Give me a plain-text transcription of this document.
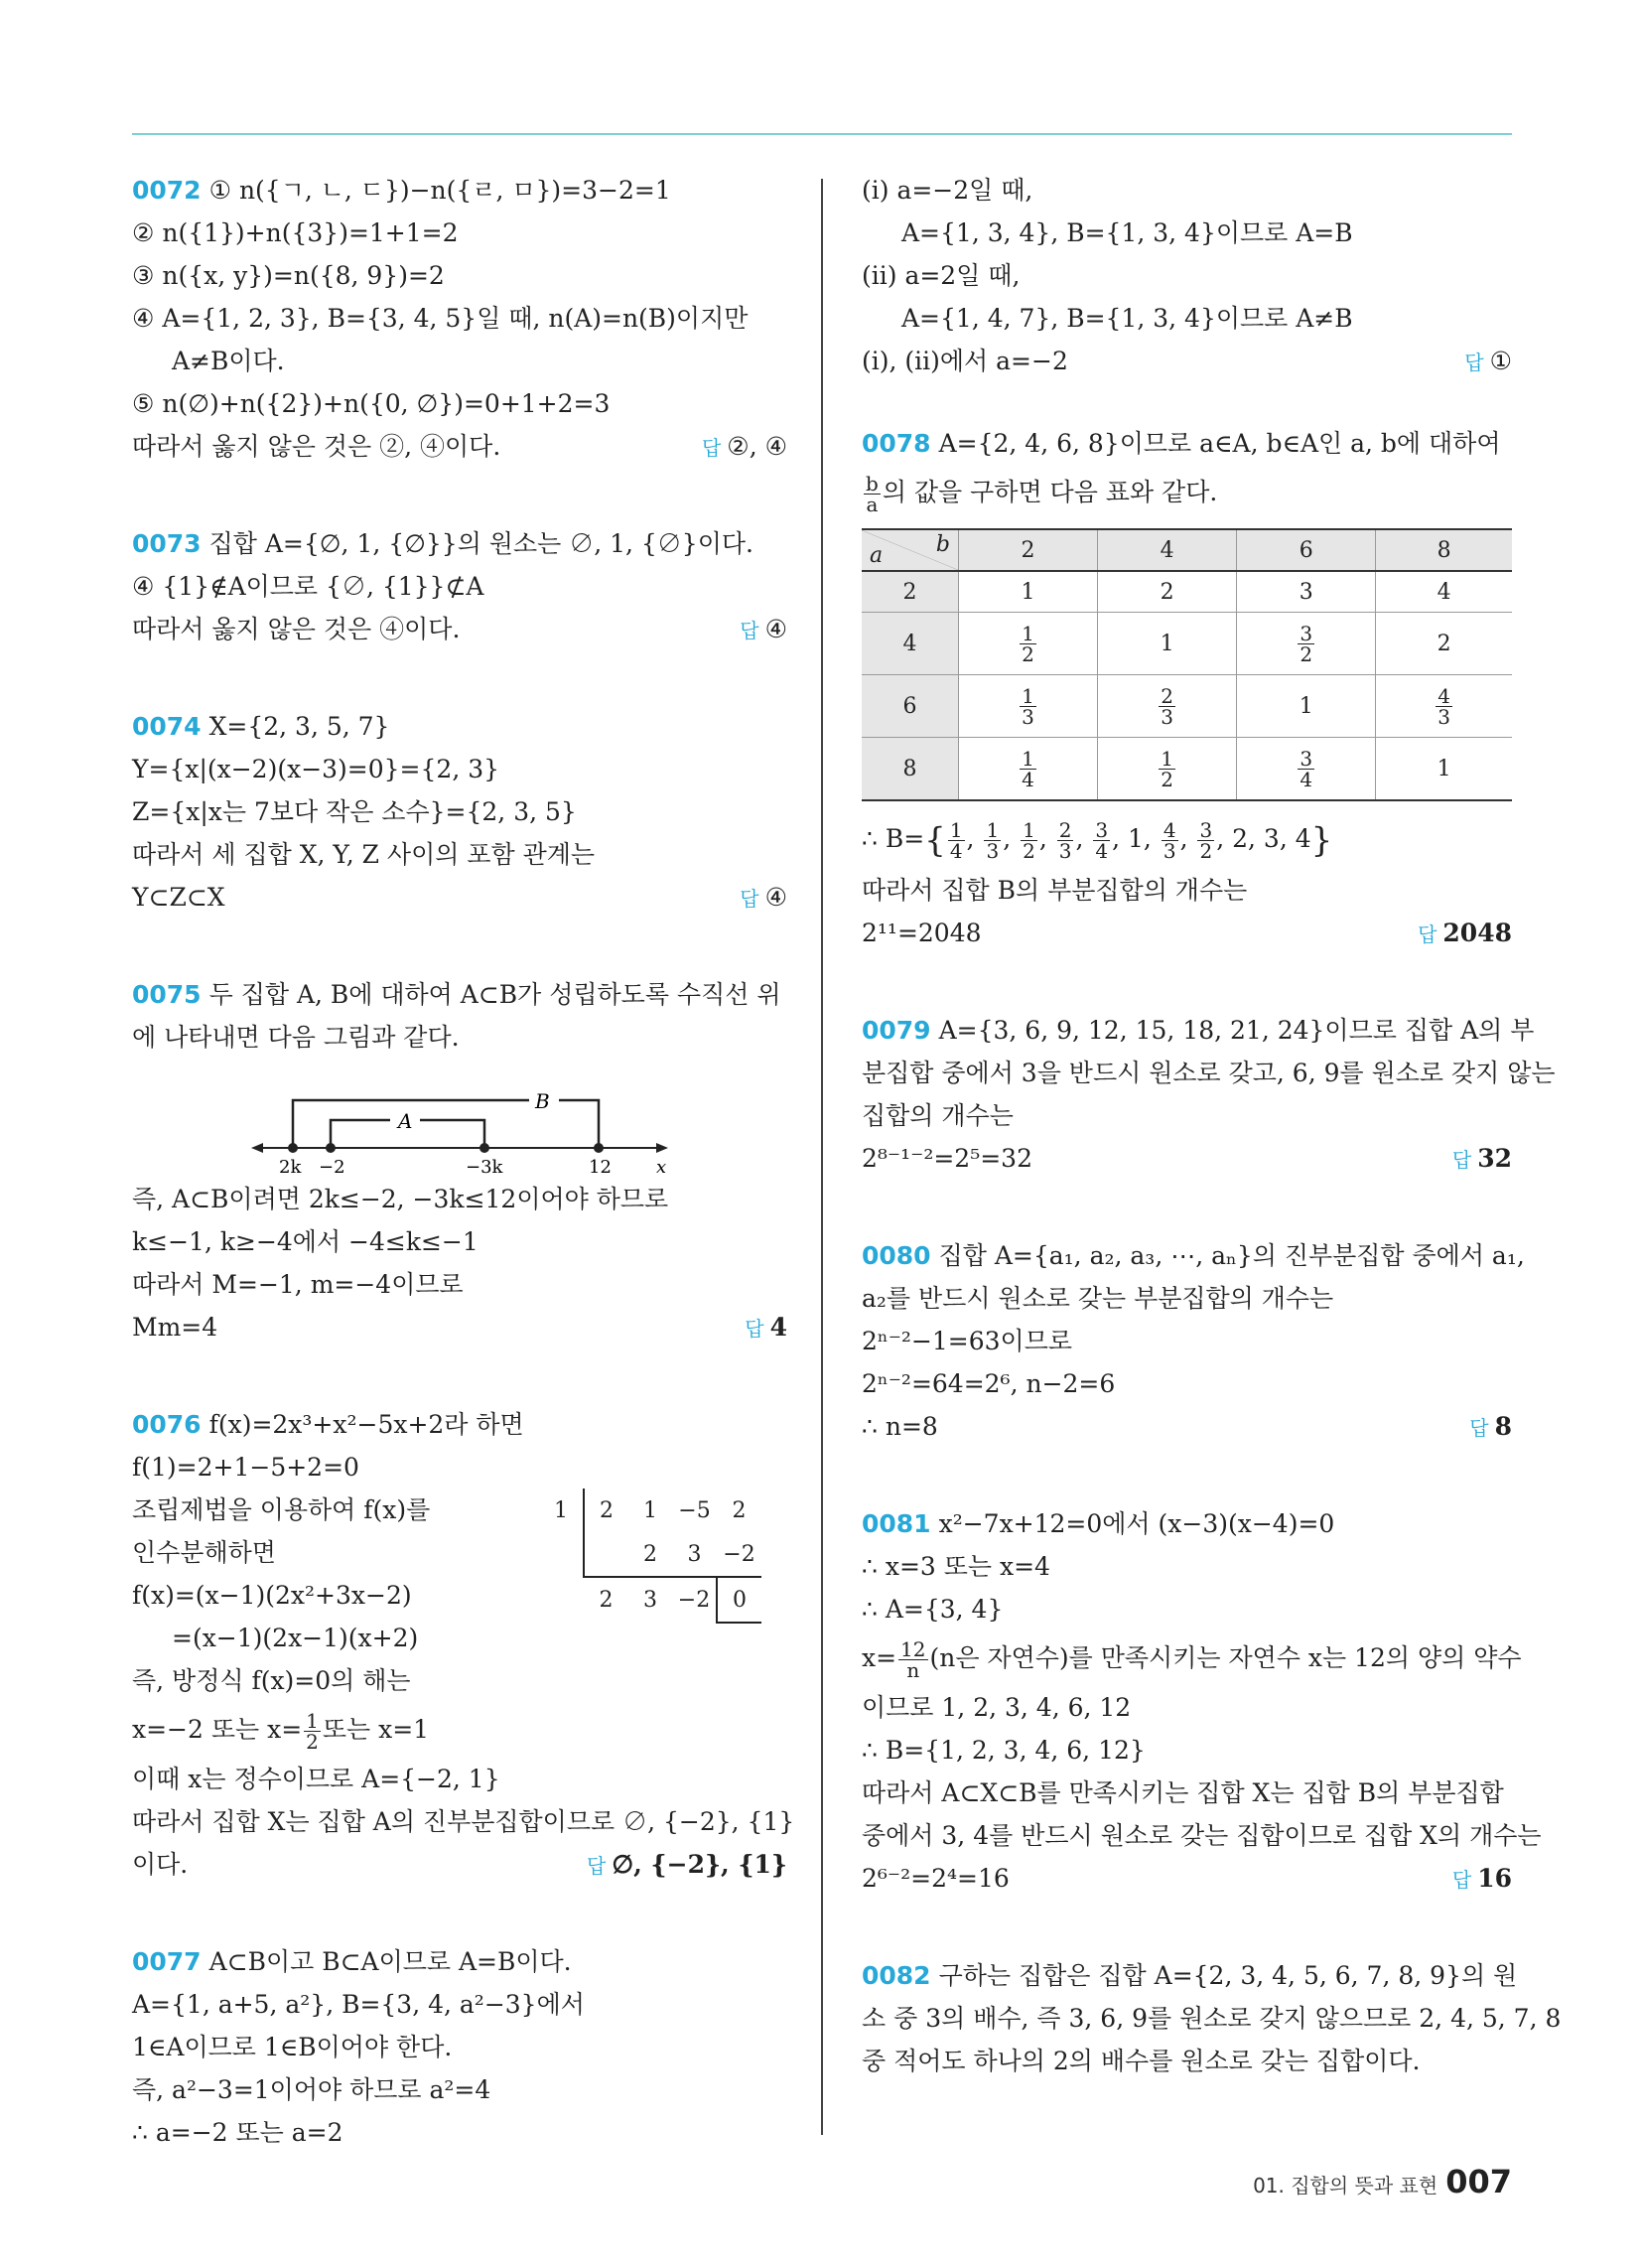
0072 ① n({ㄱ, ㄴ, ㄷ})−n({ㄹ, ㅁ})=3−2=1
② n({1})+n({3})=1+1=2
③ n({x, y})=n({8, 9})=2
④ A={1, 2, 3}, B={3, 4, 5}일 때, n(A)=n(B)이지만
A≠B이다.
⑤ n(∅)+n({2})+n({0, ∅})=0+1+2=3
따라서 옳지 않은 것은 ②, ④이다.	답 ②, ④
0073 집합 A={∅, 1, {∅}}의 원소는 ∅, 1, {∅}이다.
④ {1}∉A이므로 {∅, {1}}⊄A
따라서 옳지 않은 것은 ④이다.	답 ④
0074 X={2, 3, 5, 7}
Y={x|(x−2)(x−3)=0}={2, 3}
Z={x|x는 7보다 작은 소수}={2, 3, 5}
따라서 세 집합 X, Y, Z 사이의 포함 관계는
Y⊂Z⊂X	답 ④
0075 두 집합 A, B에 대하여 A⊂B가 성립하도록 수직선 위
에 나타내면 다음 그림과 같다.
A
B
2k −2	−3k	12	x
즉, A⊂B이려면 2k≤−2, −3k≤12이어야 하므로
k≤−1, k≥−4에서 −4≤k≤−1
따라서 M=−1, m=−4이므로
Mm=4	답 4
0076 f(x)=2x³+x²−5x+2라 하면
f(1)=2+1−5+2=0
1	2	1	−5	2
		2	3	−2
	2	3	−2	0
조립제법을 이용하여 f(x)를
인수분해하면
f(x)=(x−1)(2x²+3x−2)
=(x−1)(2x−1)(x+2)
즉, 방정식 f(x)=0의 해는
x=−2 또는 $x= \frac{1}{2}$ 또는 x=1
이때 x는 정수이므로 A={−2, 1}
따라서 집합 X는 집합 A의 진부분집합이므로 ∅, {−2}, {1}
이다.	답 ∅, {−2}, {1}
0077 A⊂B이고 B⊂A이므로 A=B이다.
A={1, a+5, a²}, B={3, 4, a²−3}에서
1∈A이므로 1∈B이어야 한다.
즉, a²−3=1이어야 하므로 a²=4
∴ a=−2 또는 a=2
(ⅰ) a=−2일 때,
A={1, 3, 4}, B={1, 3, 4}이므로 A=B
(ⅱ) a=2일 때,
A={1, 4, 7}, B={1, 3, 4}이므로 A≠B
(ⅰ), (ⅱ)에서 a=−2	답 ①
0078 A={2, 4, 6, 8}이므로 a∈A, b∈A인 a, b에 대하여
$\frac{b}{a}$ 의 값을 구하면 다음 표와 같다.
a b	2	4	6	8
2	1	2	3	4
4	$\frac{1}{2}$	1	$\frac{3}{2}$	2
6	$\frac{1}{3}$	$\frac{2}{3}$	1	$\frac{4}{3}$

8	$\frac{1}{4}$	$\frac{1}{2}$	$\frac{3}{4}$	1
∴ $B=\{ \frac{1}{4}$ , $\frac{1}{3}$ , $\frac{1}{2}$ , $\frac{2}{3}$ , $\frac{3}{4}$ , 1, $\frac{4}{3}$ , $\frac{3}{2}$ , 2, 3, 4}
따라서 집합 B의 부분집합의 개수는
2¹¹=2048	답 2048
0079 A={3, 6, 9, 12, 15, 18, 21, 24}이므로 집합 A의 부
분집합 중에서 3을 반드시 원소로 갖고, 6, 9를 원소로 갖지 않는
집합의 개수는
2⁸⁻¹⁻²=2⁵=32	답 32
0080 집합 A={a₁, a₂, a₃, ⋯, aₙ}의 진부분집합 중에서 a₁,
a₂를 반드시 원소로 갖는 부분집합의 개수는
2ⁿ⁻²−1=63이므로
2ⁿ⁻²=64=2⁶, n−2=6
∴ n=8	답 8
0081 x²−7x+12=0에서 (x−3)(x−4)=0
∴ x=3 또는 x=4
∴ A={3, 4}
$x= \frac{12}{n} (n$은 자연수)를 만족시키는 자연수 x는 12의 양의 약수
이므로 1, 2, 3, 4, 6, 12
∴ B={1, 2, 3, 4, 6, 12}
따라서 A⊂X⊂B를 만족시키는 집합 X는 집합 B의 부분집합
중에서 3, 4를 반드시 원소로 갖는 집합이므로 집합 X의 개수는
2⁶⁻²=2⁴=16	답 16
0082 구하는 집합은 집합 A={2, 3, 4, 5, 6, 7, 8, 9}의 원
소 중 3의 배수, 즉 3, 6, 9를 원소로 갖지 않으므로 2, 4, 5, 7, 8
중 적어도 하나의 2의 배수를 원소로 갖는 집합이다.
01. 집합의 뜻과 표현 007
